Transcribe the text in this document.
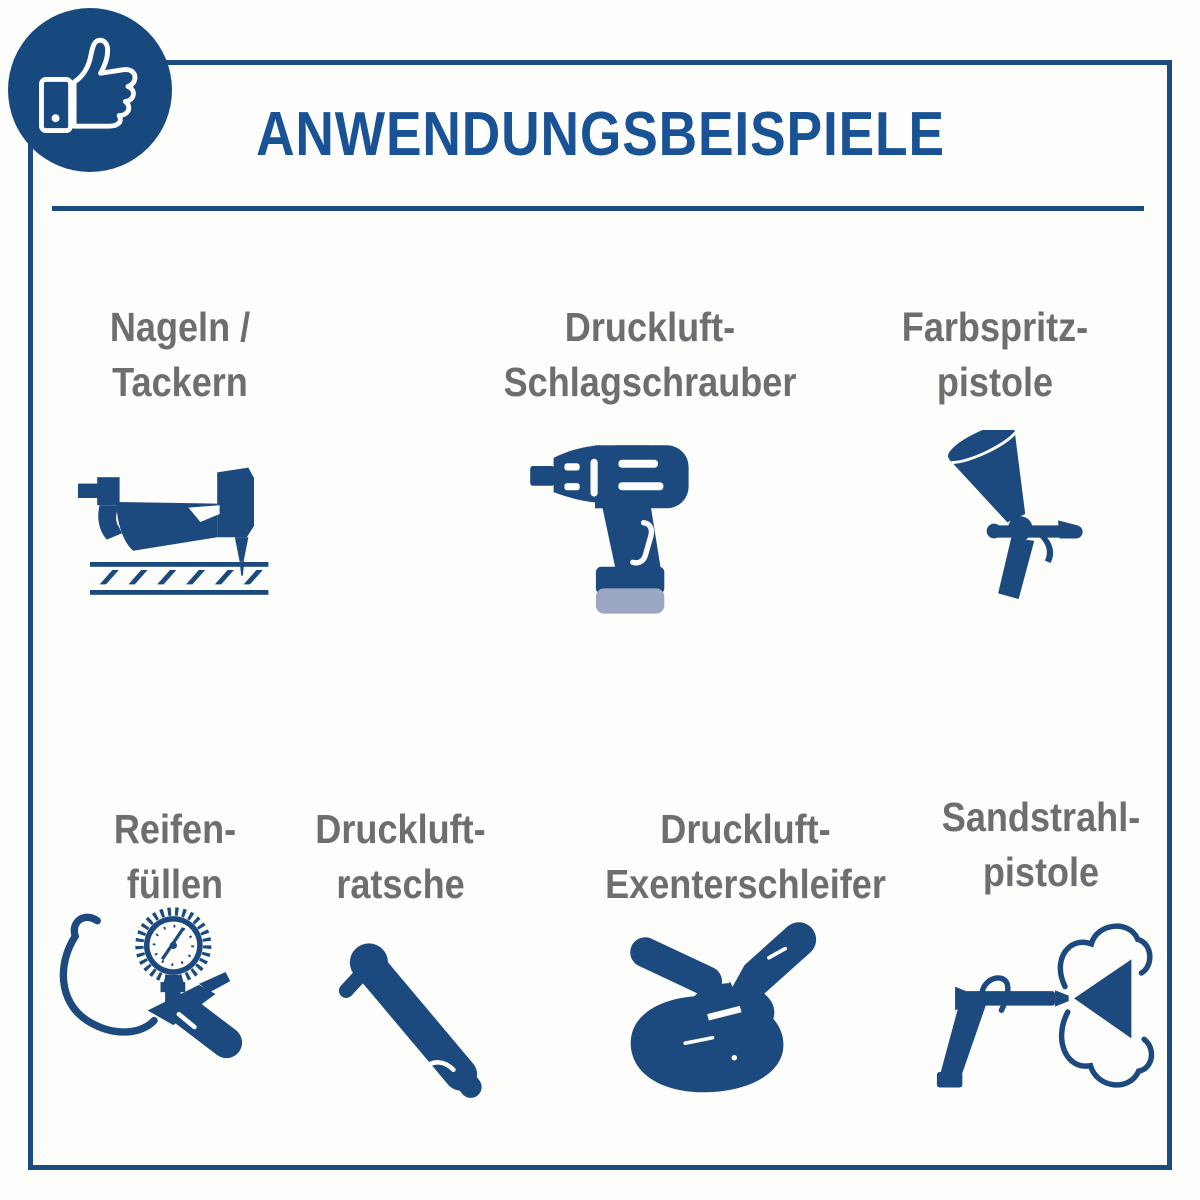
ANWENDUNGSBEISPIELE
Nageln /
Tackern
Druckluft-
Schlagschrauber
Farbspritz-
pistole
Reifen-
füllen
Druckluft-
ratsche
Druckluft-
Exenterschleifer
Sandstrahl-
pistole
